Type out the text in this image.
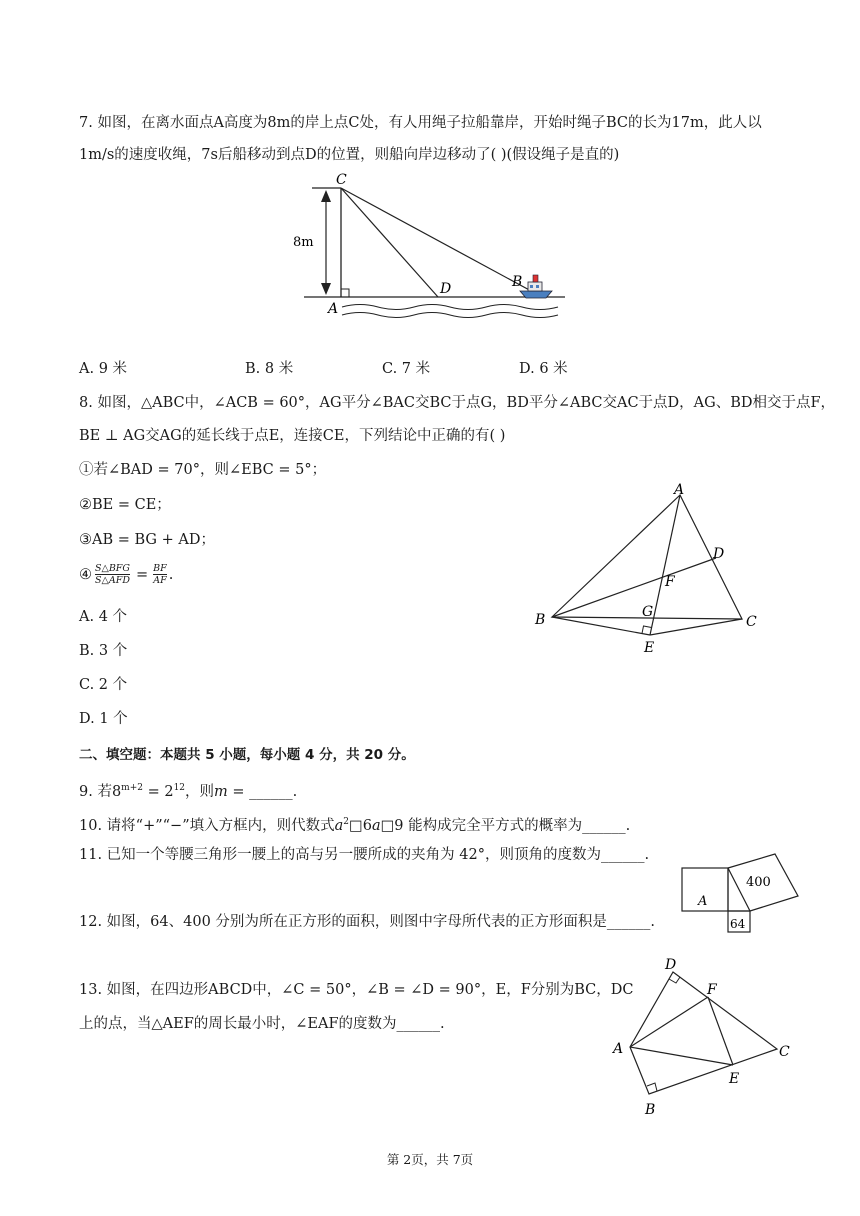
7. 如图，在离水面点A高度为8m的岸上点C处，有人用绳子拉船靠岸，开始时绳子BC的长为17m，此人以
1m/s的速度收绳，7s后船移动到点D的位置，则船向岸边移动了( )(假设绳子是直的)
C
A
D	B
8m
A. 9 米	B. 8 米	C. 7 米	D. 6 米
8. 如图，△ABC中，∠ACB = 60°，AG平分∠BAC交BC于点G，BD平分∠ABC交AC于点D，AG、BD相交于点F，
BE ⊥ AG交AG的延长线于点E，连接CE，下列结论中正确的有( )
①若∠BAD = 70°，则∠EBC = 5°；
②BE = CE；
③AB = BG + AD；
④ S△BFG
S△AFD = BF
AF .
A. 4 个
B. 3 个
C. 2 个
D. 1 个
A
B	C
D
E
F
G
二、填空题：本题共 5 小题，每小题 4 分，共 20 分。
9. 若$8^{m+2} = 2^{12}$，则m = ______.
10. 请将“+”“−”填入方框内，则代数式$a^2□6a□9$ 能构成完全平方式的概率为______.
11. 已知一个等腰三角形一腰上的高与另一腰所成的夹角为 42°，则顶角的度数为______.
12. 如图，64、400 分别为所在正方形的面积，则图中字母所代表的正方形面积是______.
A
400
64
13. 如图，在四边形ABCD中，∠C = 50°，∠B = ∠D = 90°，E，F分别为BC，DC
上的点，当△AEF的周长最小时，∠EAF的度数为______.
D
F
A	C
E
B
第 2页，共 7页
